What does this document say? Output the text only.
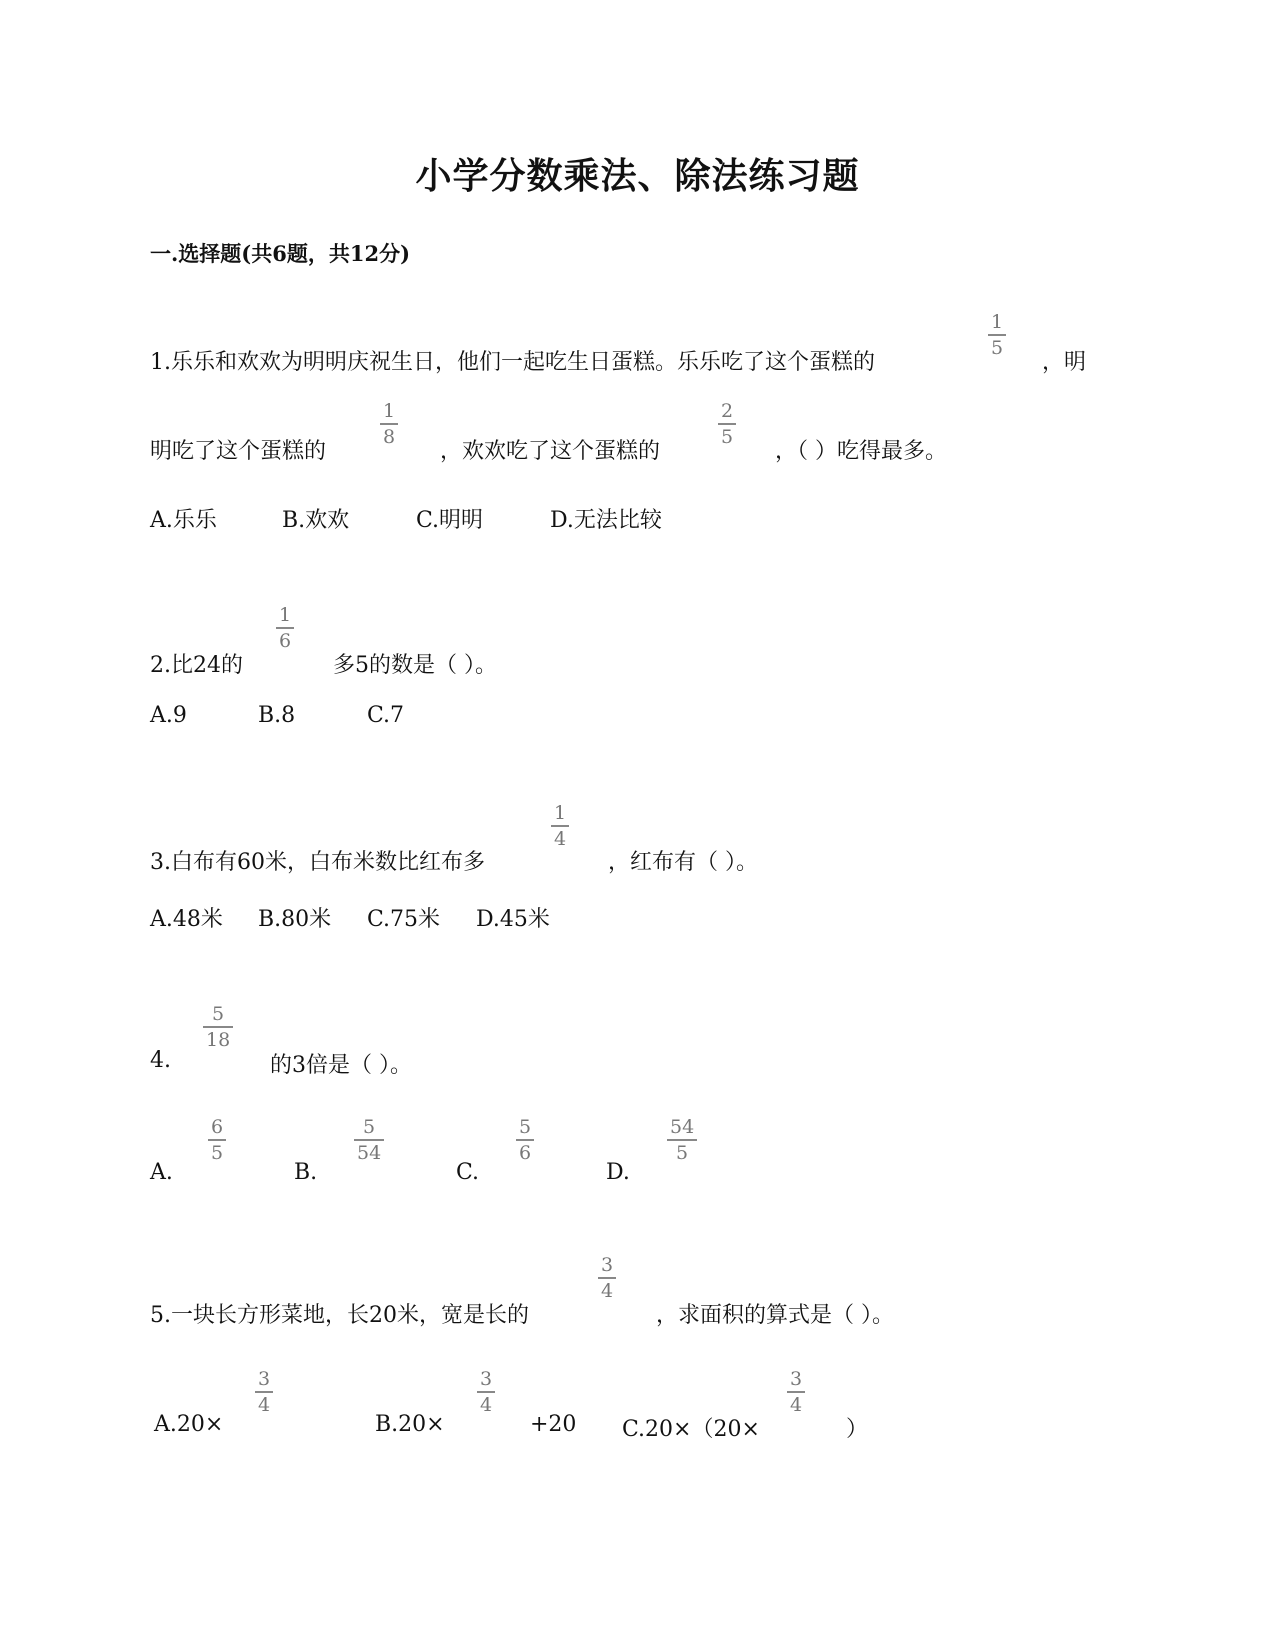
小学分数乘法、除法练习题
一.选择题(共6题，共12分)
1.乐乐和欢欢为明明庆祝生日，他们一起吃生日蛋糕。乐乐吃了这个蛋糕的
1
5
，明
明吃了这个蛋糕的
1
8
，欢欢吃了这个蛋糕的
2
5
，（ ）吃得最多。
A.乐乐	B.欢欢	C.明明	D.无法比较
2.比24的
1
6
多5的数是（ ）。
A.9	B.8	C.7
3.白布有60米，白布米数比红布多
1
4
，红布有（ ）。
A.48米 B.80米 C.75米 D.45米
4.
5
18
的3倍是（ ）。
A.
6
5
B.
5
54
C.
5
6
D.
54
5
5.一块长方形菜地，长20米，宽是长的
3
4
，求面积的算式是（ ）。
A.20×
3
4
B.20×
3
4
+20 C.20×（20×
3
4
）
